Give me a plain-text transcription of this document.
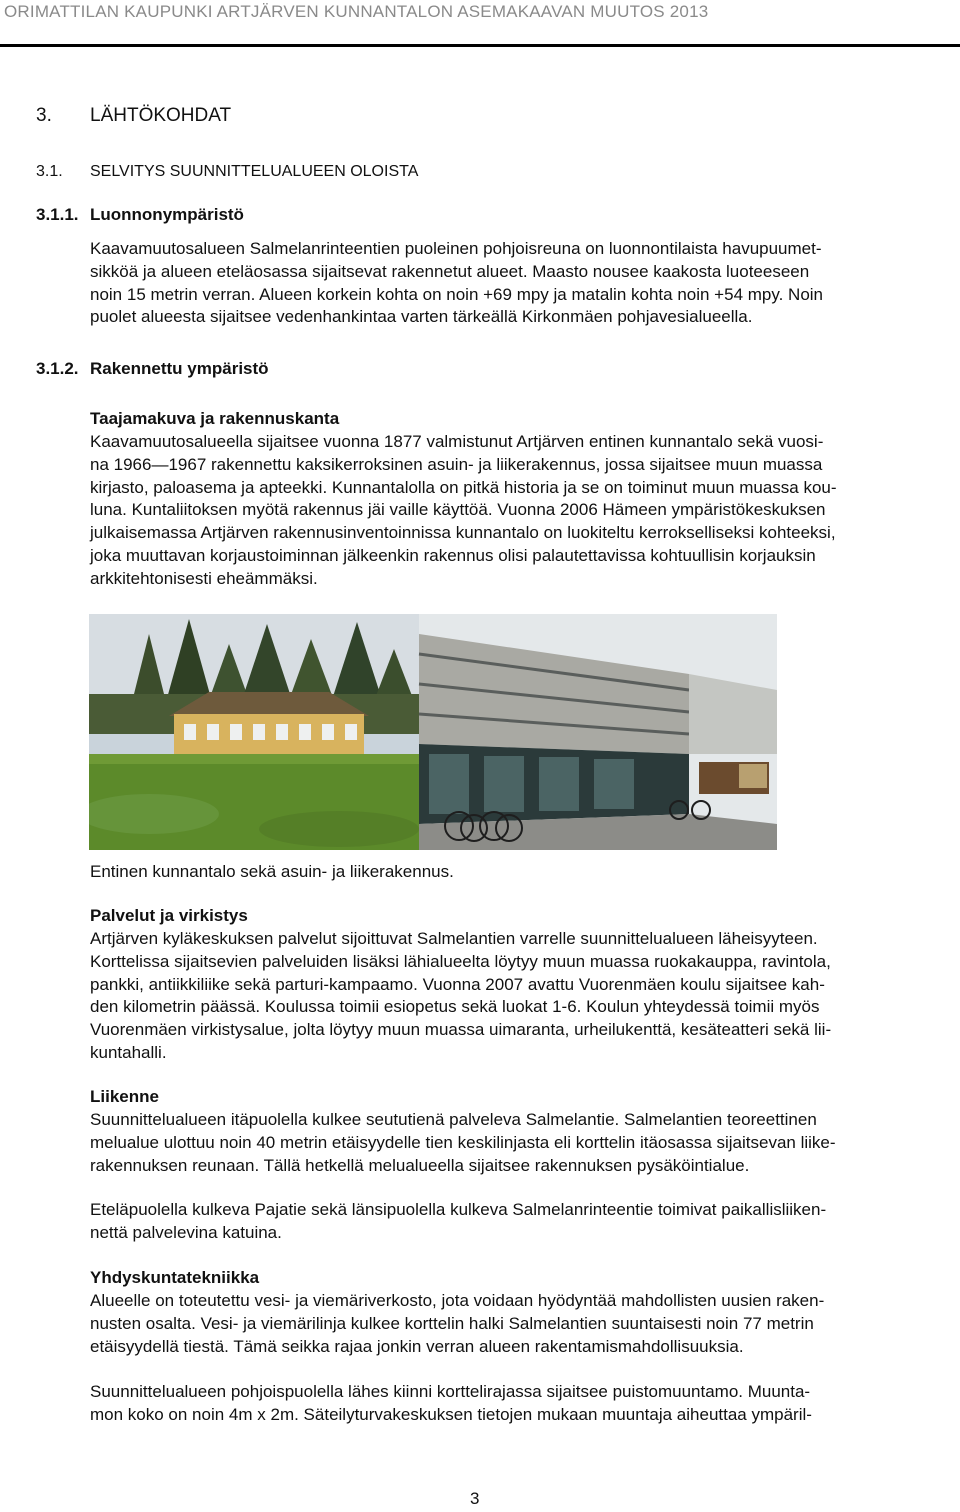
ORIMATTILAN KAUPUNKI ARTJÄRVEN KUNNANTALON ASEMAKAAVAN MUUTOS 2013
3. LÄHTÖKOHDAT
3.1. SELVITYS SUUNNITTELUALUEEN OLOISTA
3.1.1. Luonnonympäristö
Kaavamuutosalueen Salmelanrinteentien puoleinen pohjoisreuna on luonnontilaista havupuumet-
sikköä ja alueen eteläosassa sijaitsevat rakennetut alueet. Maasto nousee kaakosta luoteeseen
noin 15 metrin verran. Alueen korkein kohta on noin +69 mpy ja matalin kohta noin +54 mpy. Noin
puolet alueesta sijaitsee vedenhankintaa varten tärkeällä Kirkonmäen pohjavesialueella.
3.1.2. Rakennettu ympäristö
Taajamakuva ja rakennuskanta
Kaavamuutosalueella sijaitsee vuonna 1877 valmistunut Artjärven entinen kunnantalo sekä vuosi-
na 1966—1967 rakennettu kaksikerroksinen asuin- ja liikerakennus, jossa sijaitsee muun muassa
kirjasto, paloasema ja apteekki. Kunnantalolla on pitkä historia ja se on toiminut muun muassa kou-
luna. Kuntaliitoksen myötä rakennus jäi vaille käyttöä. Vuonna 2006 Hämeen ympäristökeskuksen
julkaisemassa Artjärven rakennusinventoinnissa kunnantalo on luokiteltu kerrokselliseksi kohteeksi,
joka muuttavan korjaustoiminnan jälkeenkin rakennus olisi palautettavissa kohtuullisin korjauksin
arkkitehtonisesti eheämmäksi.
Entinen kunnantalo sekä asuin- ja liikerakennus.
Palvelut ja virkistys
Artjärven kyläkeskuksen palvelut sijoittuvat Salmelantien varrelle suunnittelualueen läheisyyteen.
Korttelissa sijaitsevien palveluiden lisäksi lähialueelta löytyy muun muassa ruokakauppa, ravintola,
pankki, antiikkiliike sekä parturi-kampaamo. Vuonna 2007 avattu Vuorenmäen koulu sijaitsee kah-
den kilometrin päässä. Koulussa toimii esiopetus sekä luokat 1-6. Koulun yhteydessä toimii myös
Vuorenmäen virkistysalue, jolta löytyy muun muassa uimaranta, urheilukenttä, kesäteatteri sekä lii-
kuntahalli.
Liikenne
Suunnittelualueen itäpuolella kulkee seututienä palveleva Salmelantie. Salmelantien teoreettinen
melualue ulottuu noin 40 metrin etäisyydelle tien keskilinjasta eli korttelin itäosassa sijaitsevan liike-
rakennuksen reunaan. Tällä hetkellä melualueella sijaitsee rakennuksen pysäköintialue.
Eteläpuolella kulkeva Pajatie sekä länsipuolella kulkeva Salmelanrinteentie toimivat paikallisliiken-
nettä palvelevina katuina.
Yhdyskuntatekniikka
Alueelle on toteutettu vesi- ja viemäriverkosto, jota voidaan hyödyntää mahdollisten uusien raken-
nusten osalta. Vesi- ja viemärilinja kulkee korttelin halki Salmelantien suuntaisesti noin 77 metrin
etäisyydellä tiestä. Tämä seikka rajaa jonkin verran alueen rakentamismahdollisuuksia.
Suunnittelualueen pohjoispuolella lähes kiinni korttelirajassa sijaitsee puistomuuntamo. Muunta-
mon koko on noin 4m x 2m. Säteilyturvakeskuksen tietojen mukaan muuntaja aiheuttaa ympäril-
3
